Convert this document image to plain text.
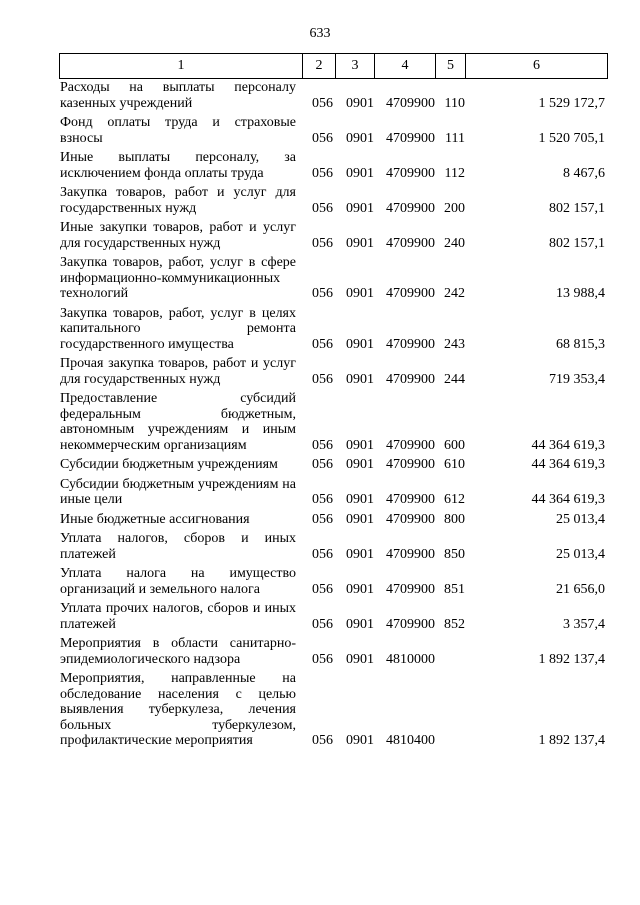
633
1	2	3	4	5	6
Расходы на выплаты персоналу казенных учреждений	056	0901	4709900	110	1 529 172,7

Фонд оплаты труда и страховые взносы	056	0901	4709900	111	1 520 705,1

Иные выплаты персоналу, за исключением фонда оплаты труда	056	0901	4709900	112	8 467,6

Закупка товаров, работ и услуг для государственных нужд	056	0901	4709900	200	802 157,1

Иные закупки товаров, работ и услуг для государственных нужд	056	0901	4709900	240	802 157,1

Закупка товаров, работ, услуг в сфере информационно-коммуникационных технологий	056	0901	4709900	242	13 988,4

Закупка товаров, работ, услуг в целях капитального ремонта государственного имущества	056	0901	4709900	243	68 815,3

Прочая закупка товаров, работ и услуг для государственных нужд	056	0901	4709900	244	719 353,4

Предоставление субсидий федеральным бюджетным, автономным учреждениям и иным некоммерческим организациям	056	0901	4709900	600	44 364 619,3

Субсидии бюджетным учреждениям	056	0901	4709900	610	44 364 619,3

Субсидии бюджетным учреждениям на иные цели	056	0901	4709900	612	44 364 619,3

Иные бюджетные ассигнования	056	0901	4709900	800	25 013,4

Уплата налогов, сборов и иных платежей	056	0901	4709900	850	25 013,4

Уплата налога на имущество организаций и земельного налога	056	0901	4709900	851	21 656,0

Уплата прочих налогов, сборов и иных платежей	056	0901	4709900	852	3 357,4

Мероприятия в области санитарно-эпидемиологического надзора	056	0901	4810000		1 892 137,4

Мероприятия, направленные на обследование населения с целью выявления туберкулеза, лечения больных туберкулезом, профилактические мероприятия	056	0901	4810400		1 892 137,4
